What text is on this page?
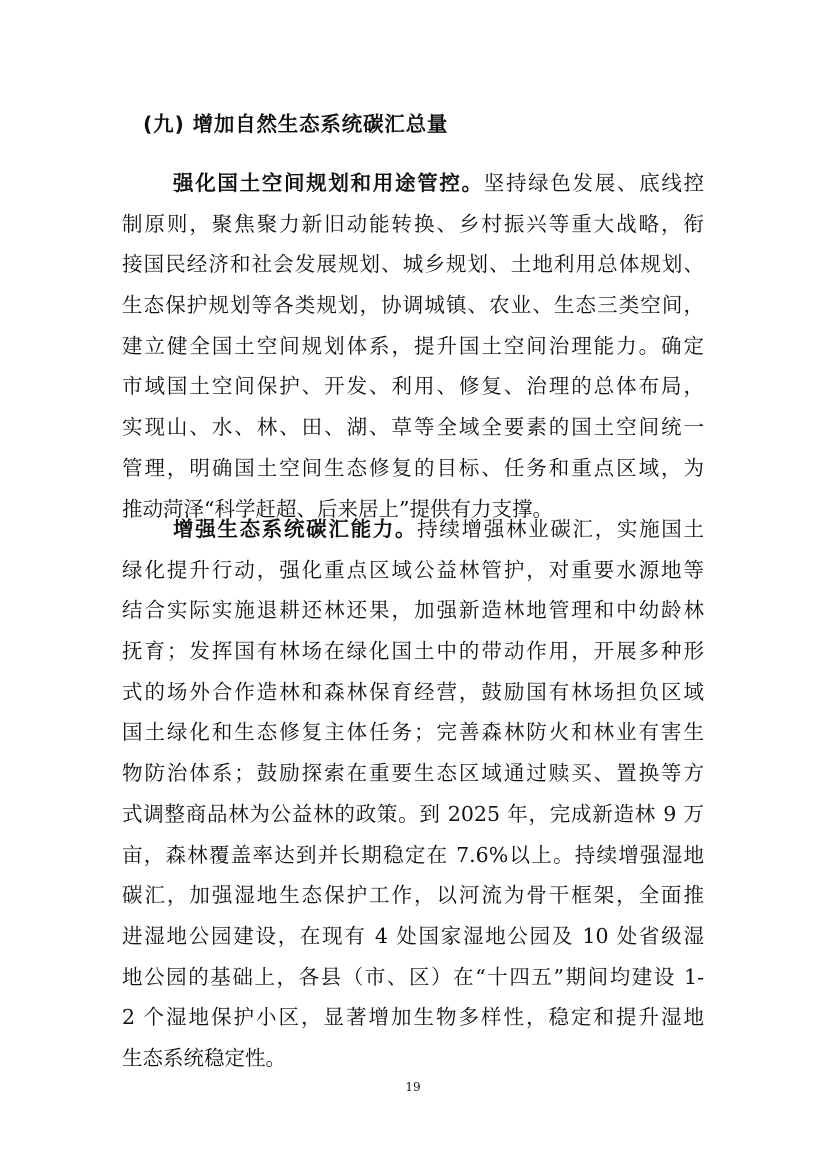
(九) 增加自然生态系统碳汇总量
强化国土空间规划和用途管控。坚持绿色发展、底线控
制原则，聚焦聚力新旧动能转换、乡村振兴等重大战略，衔
接国民经济和社会发展规划、城乡规划、土地利用总体规划、
生态保护规划等各类规划，协调城镇、农业、生态三类空间，
建立健全国土空间规划体系，提升国土空间治理能力。确定
市域国土空间保护、开发、利用、修复、治理的总体布局，
实现山、水、林、田、湖、草等全域全要素的国土空间统一
管理，明确国土空间生态修复的目标、任务和重点区域，为
推动菏泽“科学赶超、后来居上”提供有力支撑。
增强生态系统碳汇能力。持续增强林业碳汇，实施国土
绿化提升行动，强化重点区域公益林管护，对重要水源地等
结合实际实施退耕还林还果，加强新造林地管理和中幼龄林
抚育；发挥国有林场在绿化国土中的带动作用，开展多种形
式的场外合作造林和森林保育经营，鼓励国有林场担负区域
国土绿化和生态修复主体任务；完善森林防火和林业有害生
物防治体系；鼓励探索在重要生态区域通过赎买、置换等方
式调整商品林为公益林的政策。到 2025 年，完成新造林 9 万
亩，森林覆盖率达到并长期稳定在 7.6%以上。持续增强湿地
碳汇，加强湿地生态保护工作，以河流为骨干框架，全面推
进湿地公园建设，在现有 4 处国家湿地公园及 10 处省级湿
地公园的基础上，各县（市、区）在“十四五”期间均建设 1-
2 个湿地保护小区，显著增加生物多样性，稳定和提升湿地
生态系统稳定性。
19
